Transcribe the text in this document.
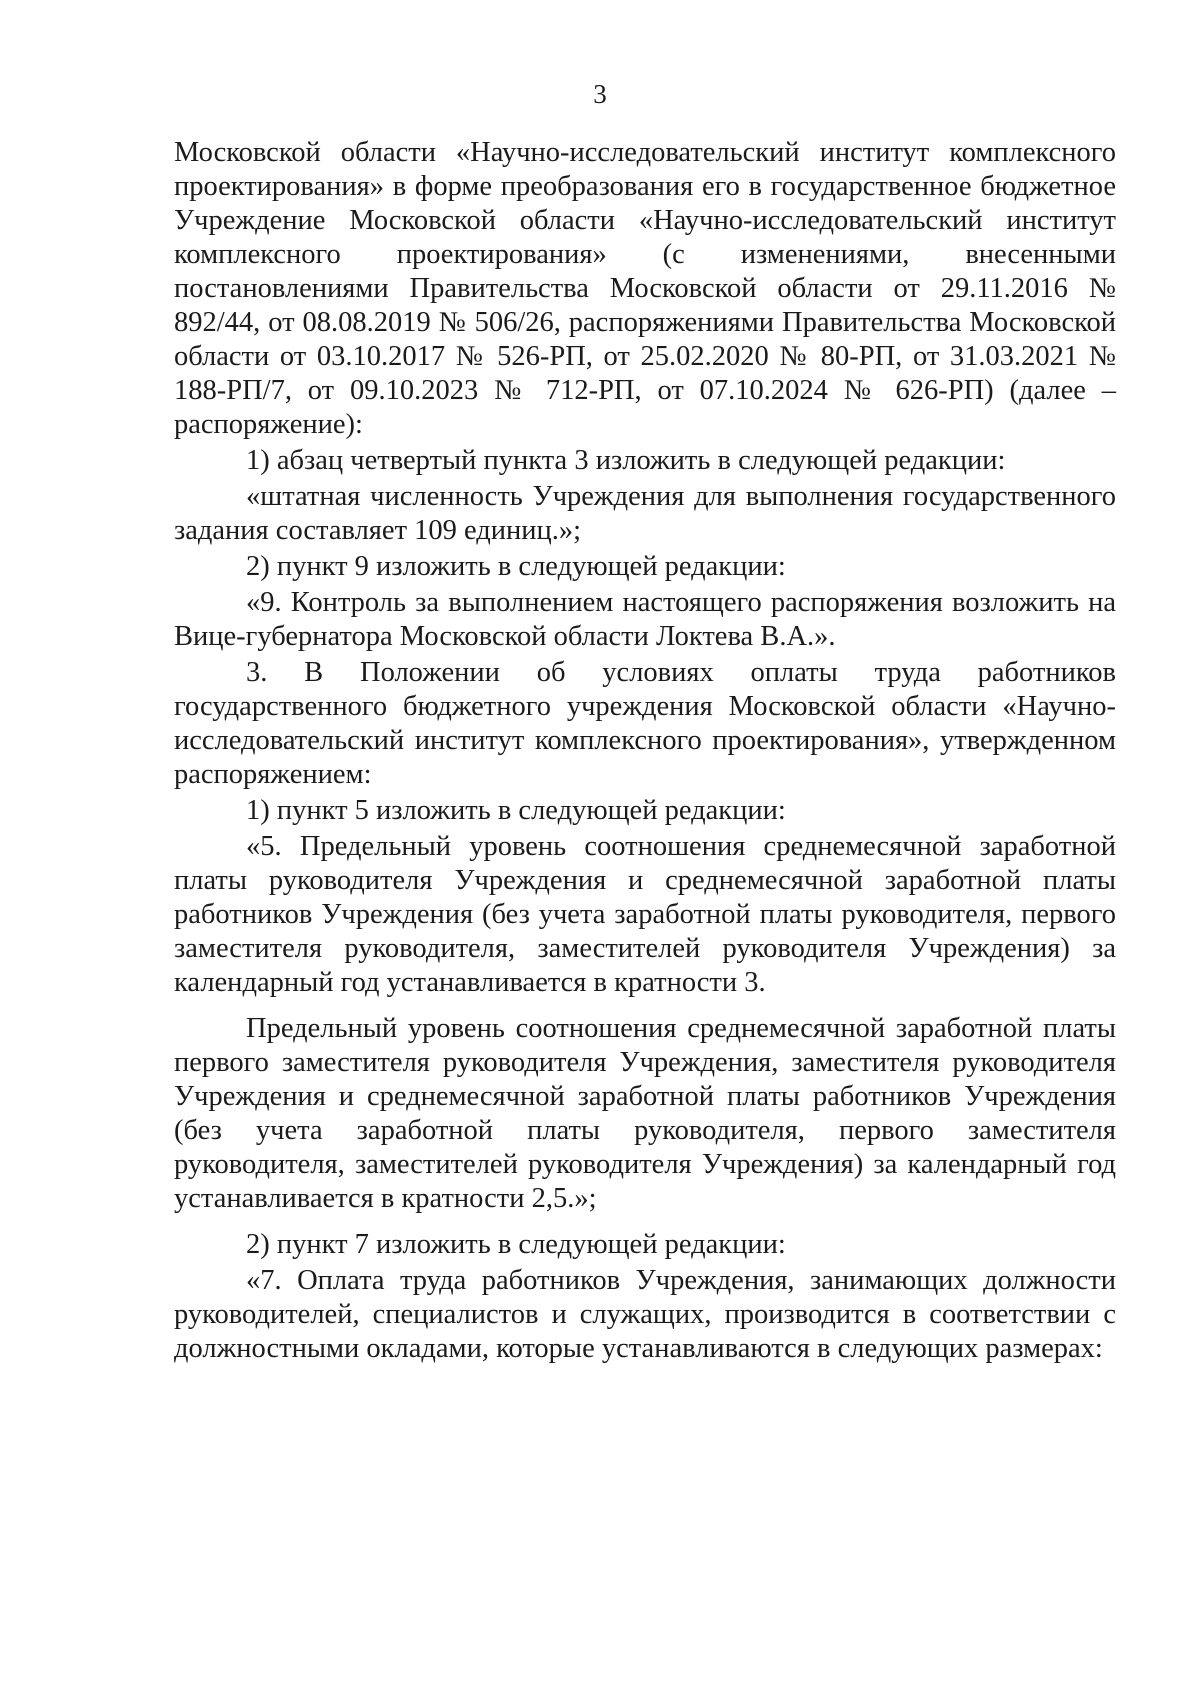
3

Московской области «Научно-исследовательский институт комплексного проектирования» в форме преобразования его в государственное бюджетное Учреждение Московской области «Научно-исследовательский институт комплексного проектирования» (с изменениями, внесенными постановлениями Правительства Московской области от 29.11.2016 № 892/44, от 08.08.2019 № 506/26, распоряжениями Правительства Московской области от 03.10.2017 № 526-РП, от 25.02.2020 № 80-РП, от 31.03.2021 № 188-РП/7, от 09.10.2023 № 712-РП, от 07.10.2024 № 626-РП) (далее – распоряжение):

1) абзац четвертый пункта 3 изложить в следующей редакции:

«штатная численность Учреждения для выполнения государственного задания составляет 109 единиц.»;

2) пункт 9 изложить в следующей редакции:

«9. Контроль за выполнением настоящего распоряжения возложить на Вице-губернатора Московской области Локтева В.А.».

3. В Положении об условиях оплаты труда работников государственного бюджетного учреждения Московской области «Научно-исследовательский институт комплексного проектирования», утвержденном распоряжением:

1) пункт 5 изложить в следующей редакции:

«5. Предельный уровень соотношения среднемесячной заработной платы руководителя Учреждения и среднемесячной заработной платы работников Учреждения (без учета заработной платы руководителя, первого заместителя руководителя, заместителей руководителя Учреждения) за календарный год устанавливается в кратности 3.

Предельный уровень соотношения среднемесячной заработной платы первого заместителя руководителя Учреждения, заместителя руководителя Учреждения и среднемесячной заработной платы работников Учреждения (без учета заработной платы руководителя, первого заместителя руководителя, заместителей руководителя Учреждения) за календарный год устанавливается в кратности 2,5.»;

2) пункт 7 изложить в следующей редакции:

«7. Оплата труда работников Учреждения, занимающих должности руководителей, специалистов и служащих, производится в соответствии с должностными окладами, которые устанавливаются в следующих размерах:
